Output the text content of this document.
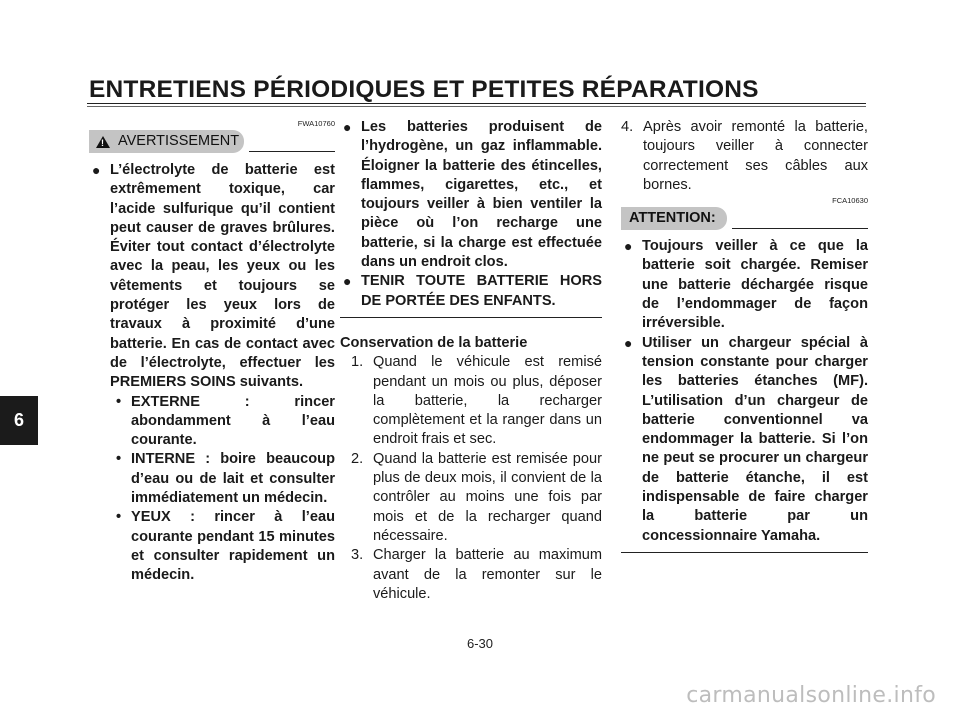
ENTRETIENS PÉRIODIQUES ET PETITES RÉPARATIONS
6
FWA10760
! AVERTISSEMENT
● L’électrolyte de batterie est extrêmement toxique, car l’acide sulfurique qu’il contient peut causer de graves brûlures. Éviter tout contact d’électrolyte avec la peau, les yeux ou les vêtements et toujours se protéger les yeux lors de travaux à proximité d’une batterie. En cas de contact avec de l’électrolyte, effectuer les PREMIERS SOINS suivants.
• EXTERNE : rincer abondamment à l’eau courante.
• INTERNE : boire beaucoup d’eau ou de lait et consulter immédiatement un médecin.
• YEUX : rincer à l’eau courante pendant 15 minutes et consulter rapidement un médecin.
● Les batteries produisent de l’hydrogène, un gaz inflammable. Éloigner la batterie des étincelles, flammes, cigarettes, etc., et toujours veiller à bien ventiler la pièce où l’on recharge une batterie, si la charge est effectuée dans un endroit clos.
● TENIR TOUTE BATTERIE HORS DE PORTÉE DES ENFANTS.
Conservation de la batterie
1. Quand le véhicule est remisé pendant un mois ou plus, déposer la batterie, la recharger complètement et la ranger dans un endroit frais et sec.
2. Quand la batterie est remisée pour plus de deux mois, il convient de la contrôler au moins une fois par mois et de la recharger quand nécessaire.
3. Charger la batterie au maximum avant de la remonter sur le véhicule.
4. Après avoir remonté la batterie, toujours veiller à connecter correctement ses câbles aux bornes.
FCA10630
ATTENTION:
● Toujours veiller à ce que la batterie soit chargée. Remiser une batterie déchargée risque de l’endommager de façon irréversible.
● Utiliser un chargeur spécial à tension constante pour charger les batteries étanches (MF). L’utilisation d’un chargeur de batterie conventionnel va endommager la batterie. Si l’on ne peut se procurer un chargeur de batterie étanche, il est indispensable de faire charger la batterie par un concessionnaire Yamaha.
6-30
carmanualsonline.info
